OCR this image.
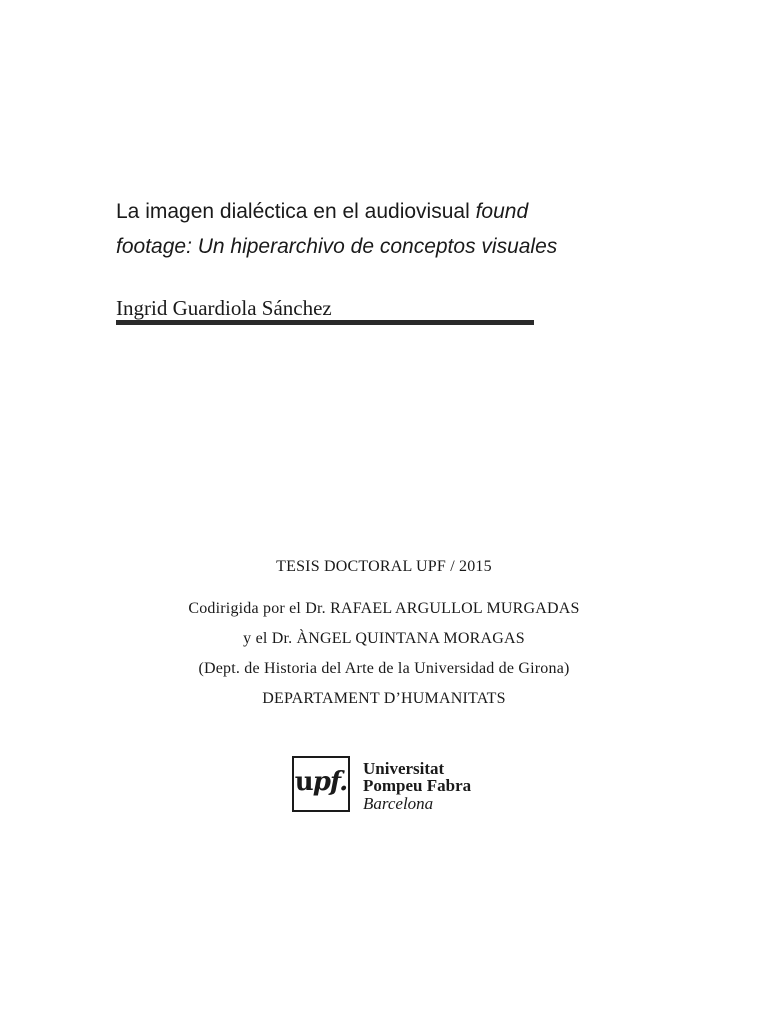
La imagen dialéctica en el audiovisual found
footage: Un hiperarchivo de conceptos visuales
Ingrid Guardiola Sánchez
TESIS DOCTORAL UPF / 2015
Codirigida por el Dr. RAFAEL ARGULLOL MURGADAS
y el Dr. ÀNGEL QUINTANA MORAGAS
(Dept. de Historia del Arte de la Universidad de Girona)
DEPARTAMENT D’HUMANITATS
u pf. Universitat
Pompeu Fabra
Barcelona
